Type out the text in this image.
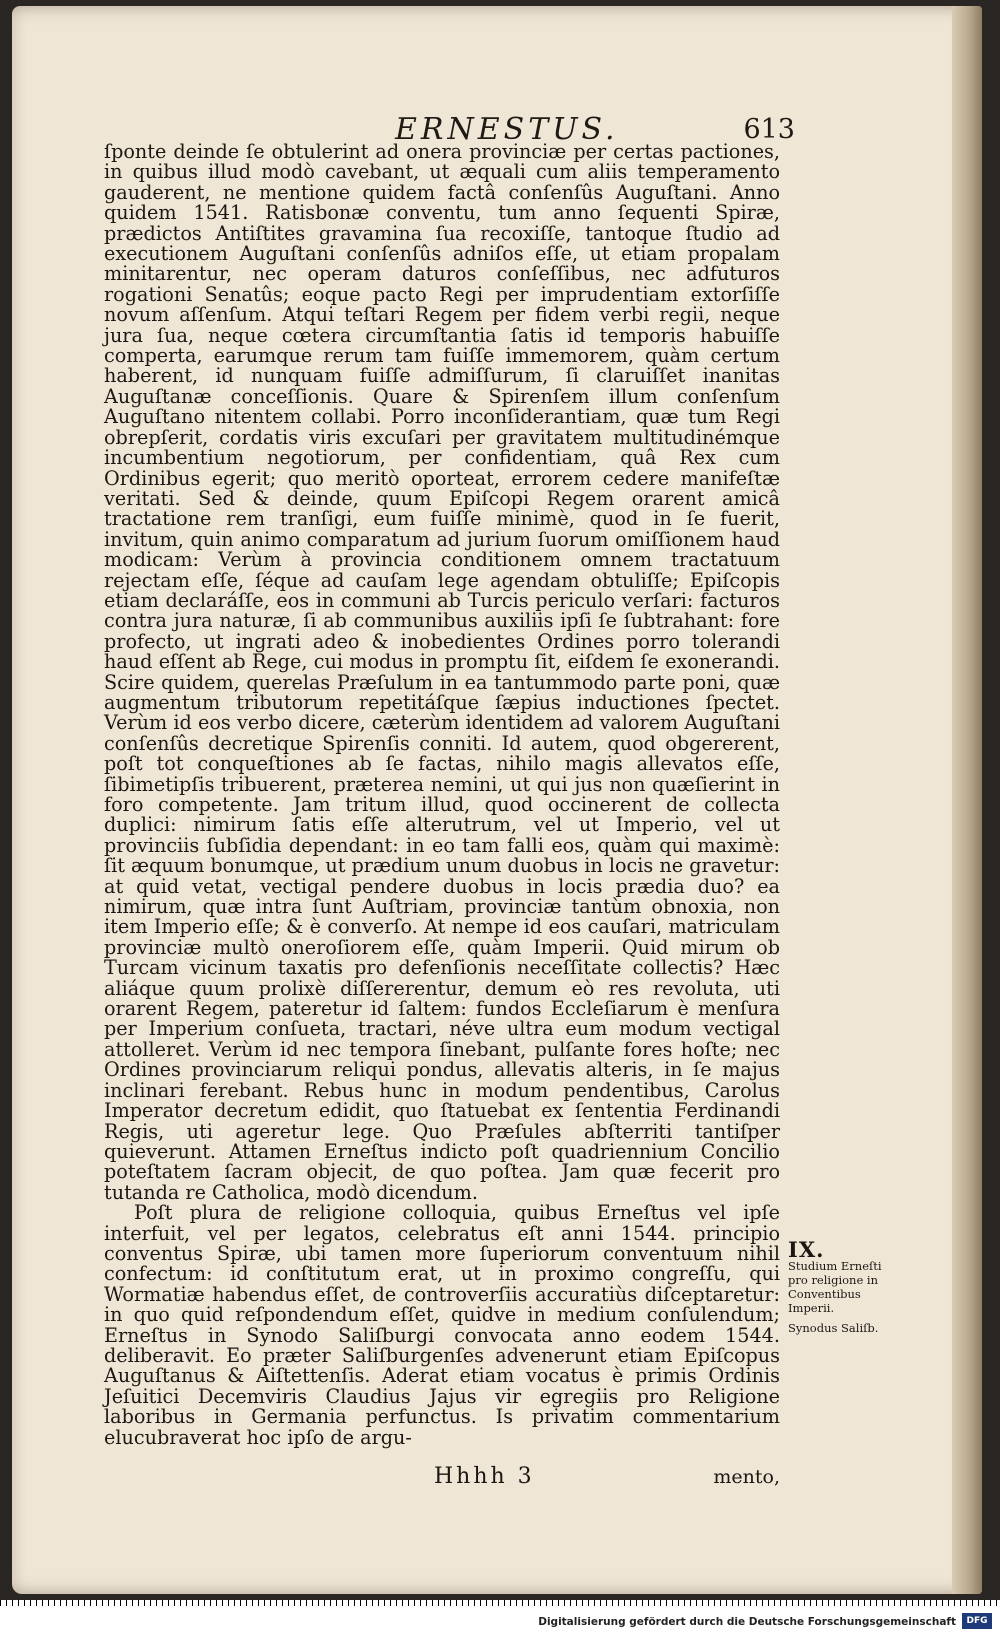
ERNESTUS.	613

ſponte deinde ſe obtulerint ad onera provinciæ per certas pactiones, in quibus illud modò cavebant, ut æquali cum aliis temperamento gauderent, ne mentione quidem factâ conſenſûs Auguſtani. Anno quidem 1541. Ratisbonæ conventu, tum anno ſequenti Spiræ, prædictos Antiſtites gravamina ſua recoxiſſe, tantoque ſtudio ad executionem Auguſtani conſenſûs adniſos eſſe, ut etiam propalam minitarentur, nec operam daturos conſeſſibus, nec adfuturos rogationi Senatûs; eoque pacto Regi per imprudentiam extorſiſſe novum aſſenſum. Atqui teſtari Regem per fidem verbi regii, neque jura ſua, neque cœtera circumſtantia ſatis id temporis habuiſſe comperta, earumque rerum tam fuiſſe immemorem, quàm certum haberent, id nunquam fuiſſe admiſſurum, ſi claruiſſet inanitas Auguſtanæ conceſſionis. Quare & Spirenſem illum conſenſum Auguſtano nitentem collabi. Porro inconſiderantiam, quæ tum Regi obrepſerit, cordatis viris excuſari per gravitatem multitudinémque incumbentium negotiorum, per confidentiam, quâ Rex cum Ordinibus egerit; quo meritò oporteat, errorem cedere manifeſtæ veritati. Sed & deinde, quum Epiſcopi Regem orarent amicâ tractatione rem tranſigi, eum fuiſſe minimè, quod in ſe fuerit, invitum, quin animo comparatum ad jurium ſuorum omiſſionem haud modicam: Verùm à provincia conditionem omnem tractatuum rejectam eſſe, ſéque ad cauſam lege agendam obtuliſſe; Epiſcopis etiam declaráſſe, eos in communi ab Turcis periculo verſari: facturos contra jura naturæ, ſi ab communibus auxiliis ipſi ſe ſubtrahant: fore profecto, ut ingrati adeo & inobedientes Ordines porro tolerandi haud eſſent ab Rege, cui modus in promptu ſit, eiſdem ſe exonerandi. Scire quidem, querelas Præſulum in ea tantummodo parte poni, quæ augmentum tributorum repetitáſque ſæpius inductiones ſpectet. Verùm id eos verbo dicere, cæterùm identidem ad valorem Auguſtani conſenſûs decretique Spirenſis conniti. Id autem, quod obgererent, poſt tot conqueſtiones ab ſe factas, nihilo magis allevatos eſſe, ſibimetipſis tribuerent, præterea nemini, ut qui jus non quæſierint in foro competente. Jam tritum illud, quod occinerent de collecta duplici: nimirum ſatis eſſe alterutrum, vel ut Imperio, vel ut provinciis ſubſidia dependant: in eo tam falli eos, quàm qui maximè: ſit æquum bonumque, ut prædium unum duobus in locis ne gravetur: at quid vetat, vectigal pendere duobus in locis prædia duo? ea nimirum, quæ intra ſunt Auſtriam, provinciæ tantùm obnoxia, non item Imperio eſſe; & è converſo. At nempe id eos cauſari, matriculam provinciæ multò oneroſiorem eſſe, quàm Imperii. Quid mirum ob Turcam vicinum taxatis pro defenſionis neceſſitate collectis? Hæc aliáque quum prolixè diſſererentur, demum eò res revoluta, uti orarent Regem, pateretur id ſaltem: fundos Eccleſiarum è menſura per Imperium conſueta, tractari, néve ultra eum modum vectigal attolleret. Verùm id nec tempora ſinebant, pulſante fores hoſte; nec Ordines provinciarum reliqui pondus, allevatis alteris, in ſe majus inclinari ferebant. Rebus hunc in modum pendentibus, Carolus Imperator decretum edidit, quo ſtatuebat ex ſententia Ferdinandi Regis, uti ageretur lege. Quo Præſules abſterriti tantiſper quieverunt. Attamen Erneſtus indicto poſt quadriennium Concilio poteſtatem ſacram objecit, de quo poſtea. Jam quæ fecerit pro tutanda re Catholica, modò dicendum.

Poſt plura de religione colloquia, quibus Erneſtus vel ipſe interfuit, vel per legatos, celebratus eſt anni 1544. principio conventus Spiræ, ubi tamen more ſuperiorum conventuum nihil confectum: id conſtitutum erat, ut in proximo congreſſu, qui Wormatiæ habendus eſſet, de controverſiis accuratiùs diſceptaretur: in quo quid reſpondendum eſſet, quidve in medium conſulendum; Erneſtus in Synodo Saliſburgi convocata anno eodem 1544. deliberavit. Eo præter Saliſburgenſes advenerunt etiam Epiſcopus Auguſtanus & Aiſtettenſis. Aderat etiam vocatus è primis Ordinis Jeſuitici Decemviris Claudius Jajus vir egregiis pro Religione laboribus in Germania perfunctus. Is privatim commentarium elucubraverat hoc ipſo de argu-

IX.
Studium Erneſti pro religione in Conventibus Imperii.
Synodus Saliſb.
Hhhh 3	mento,
Digitalisierung gefördert durch die Deutsche Forschungsgemeinschaft	DFG
